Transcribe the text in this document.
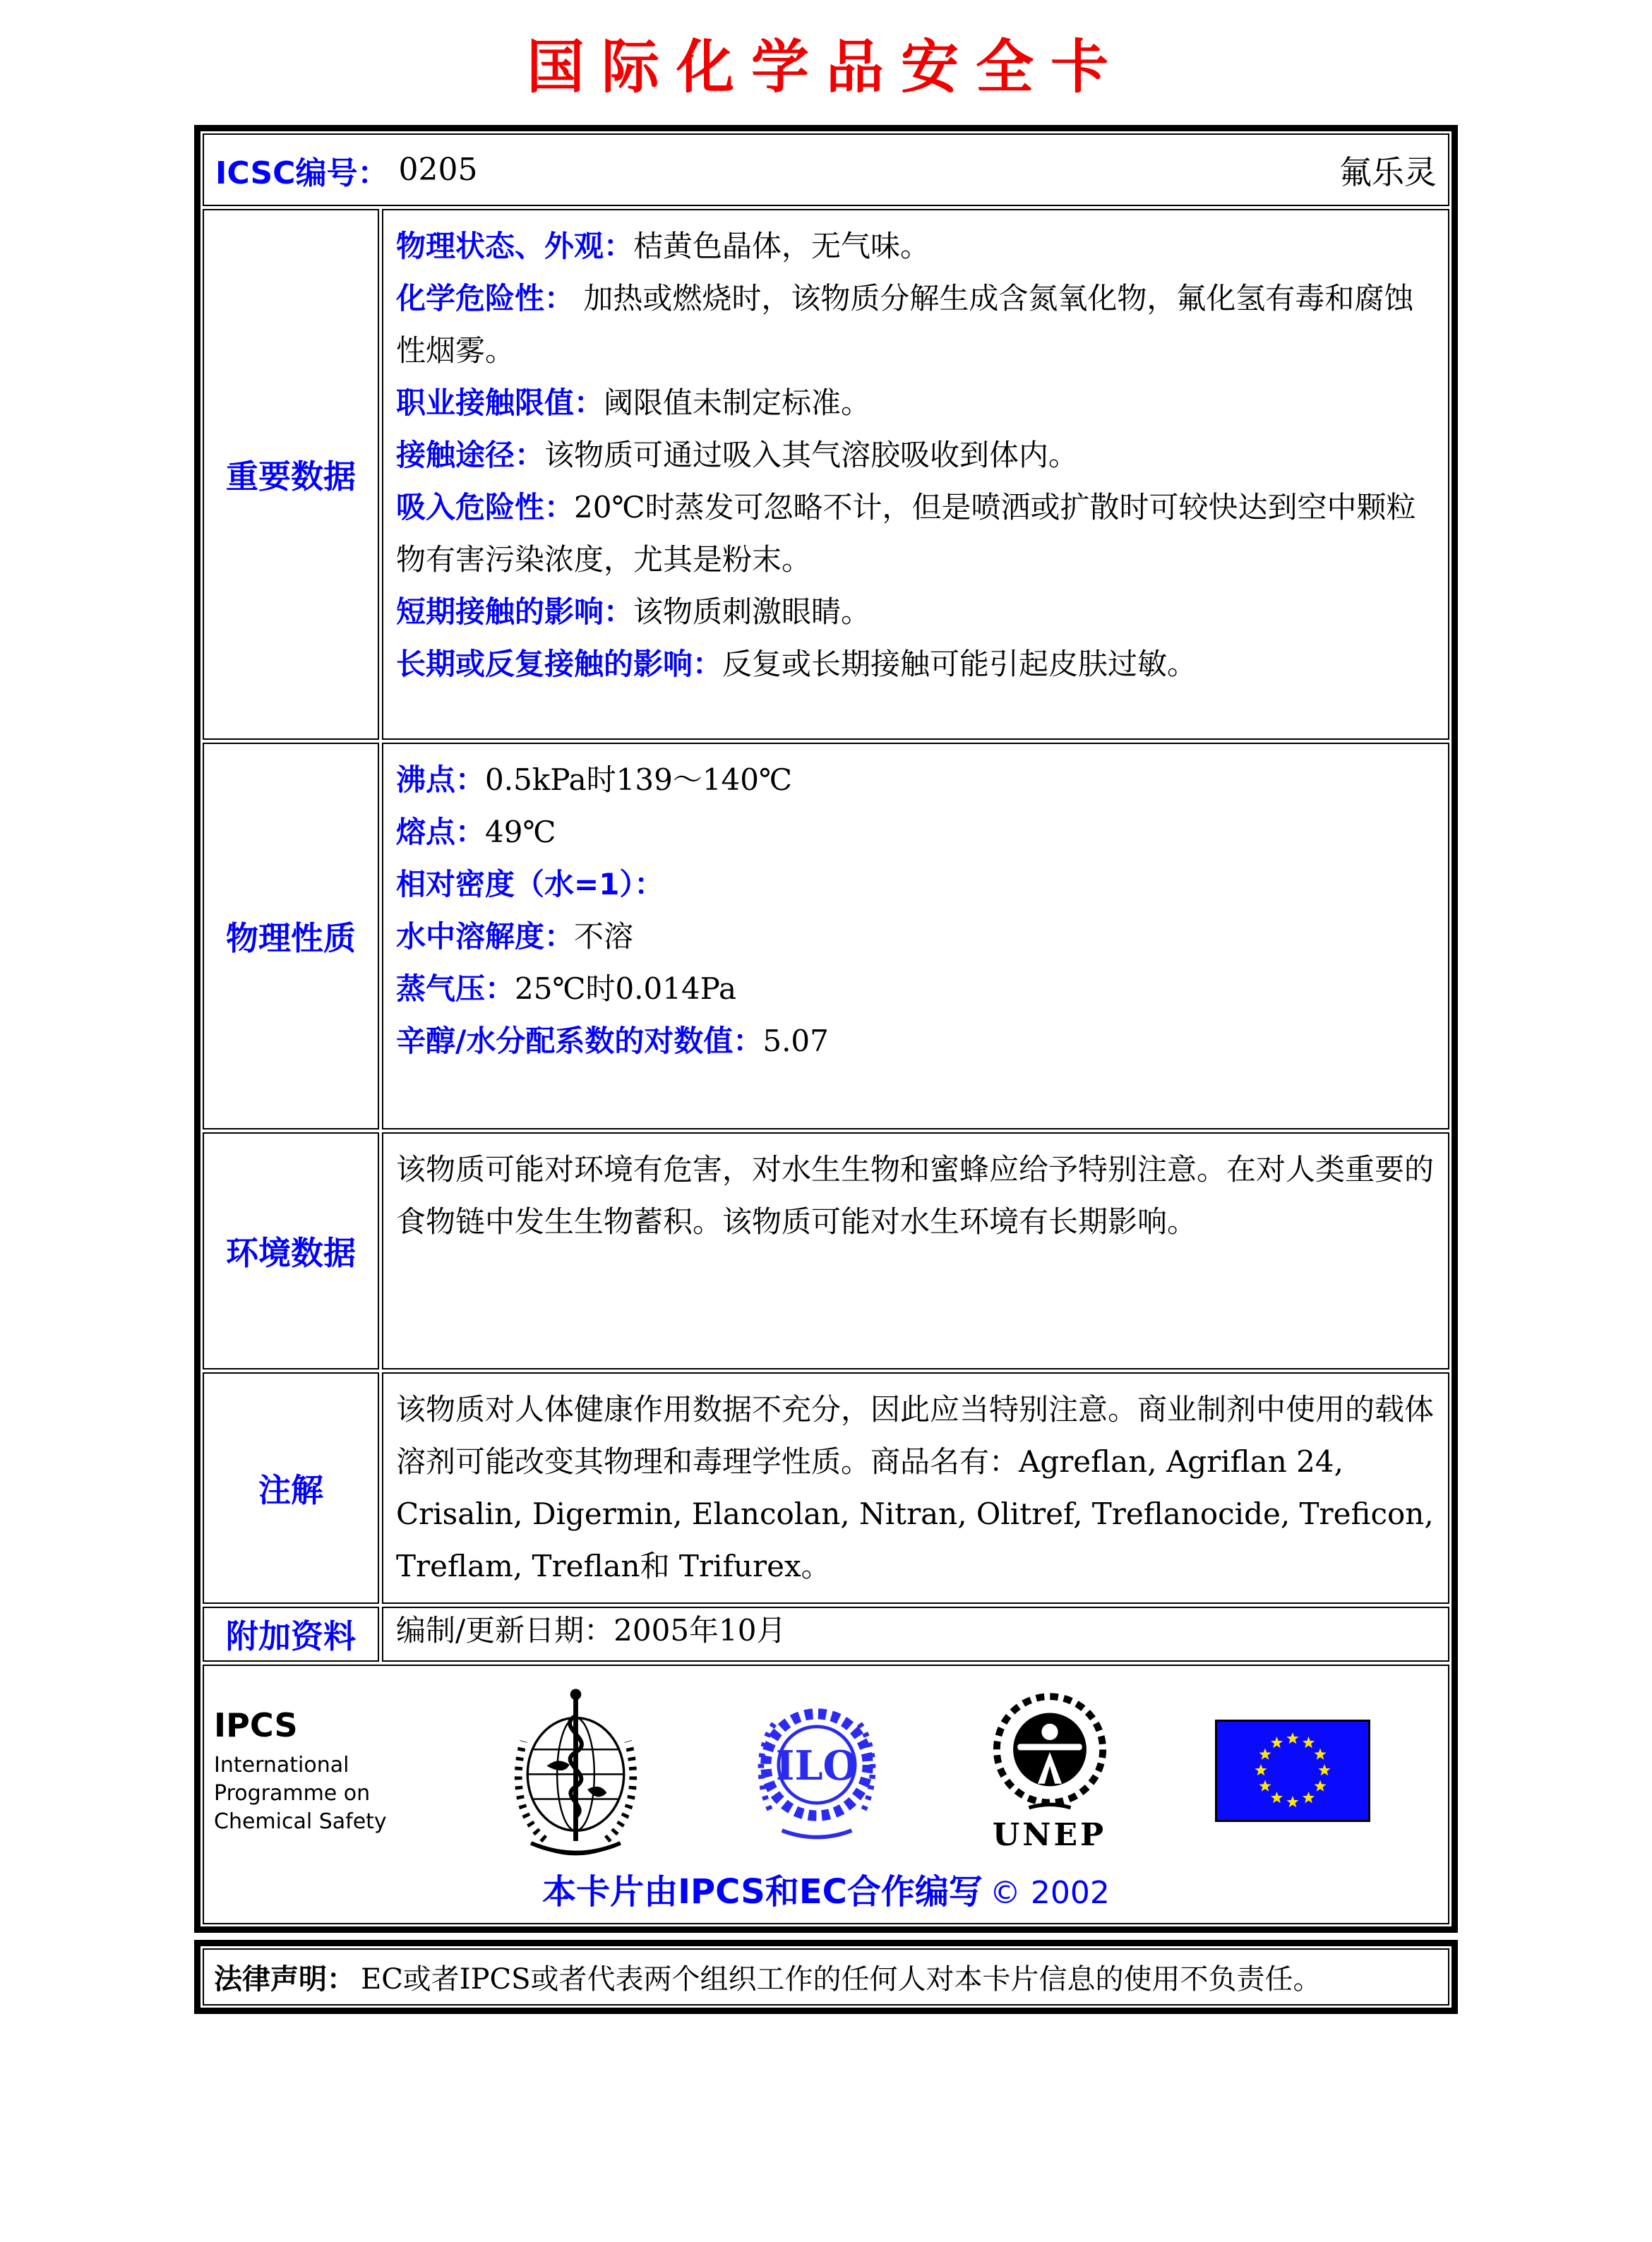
国际化学品安全卡
ICSC编号： 0205	氟乐灵
重要数据
物理状态、外观：桔黄色晶体，无气味。
化学危险性： 加热或燃烧时，该物质分解生成含氮氧化物，氟化氢有毒和腐蚀性烟雾。
职业接触限值：阈限值未制定标准。
接触途径：该物质可通过吸入其气溶胶吸收到体内。
吸入危险性：20℃时蒸发可忽略不计，但是喷洒或扩散时可较快达到空中颗粒物有害污染浓度，尤其是粉末。
短期接触的影响：该物质刺激眼睛。
长期或反复接触的影响：反复或长期接触可能引起皮肤过敏。
物理性质
沸点：0.5kPa时139～140℃
熔点：49℃
相对密度（水=1）：
水中溶解度：不溶
蒸气压：25℃时0.014Pa
辛醇/水分配系数的对数值：5.07
环境数据
该物质可能对环境有危害，对水生生物和蜜蜂应给予特别注意。在对人类重要的食物链中发生生物蓄积。该物质可能对水生环境有长期影响。
注解
该物质对人体健康作用数据不充分，因此应当特别注意。商业制剂中使用的载体溶剂可能改变其物理和毒理学性质。商品名有：Agreflan, Agriflan 24, Crisalin, Digermin, Elancolan, Nitran, Olitref, Treflanocide, Treficon, Treflam, Treflan和 Trifurex。
附加资料	编制/更新日期：2005年10月
IPCS
International
Programme on
Chemical Safety
ILO
UNEP
本卡片由IPCS和EC合作编写 © 2002
法律声明： EC或者IPCS或者代表两个组织工作的任何人对本卡片信息的使用不负责任。
